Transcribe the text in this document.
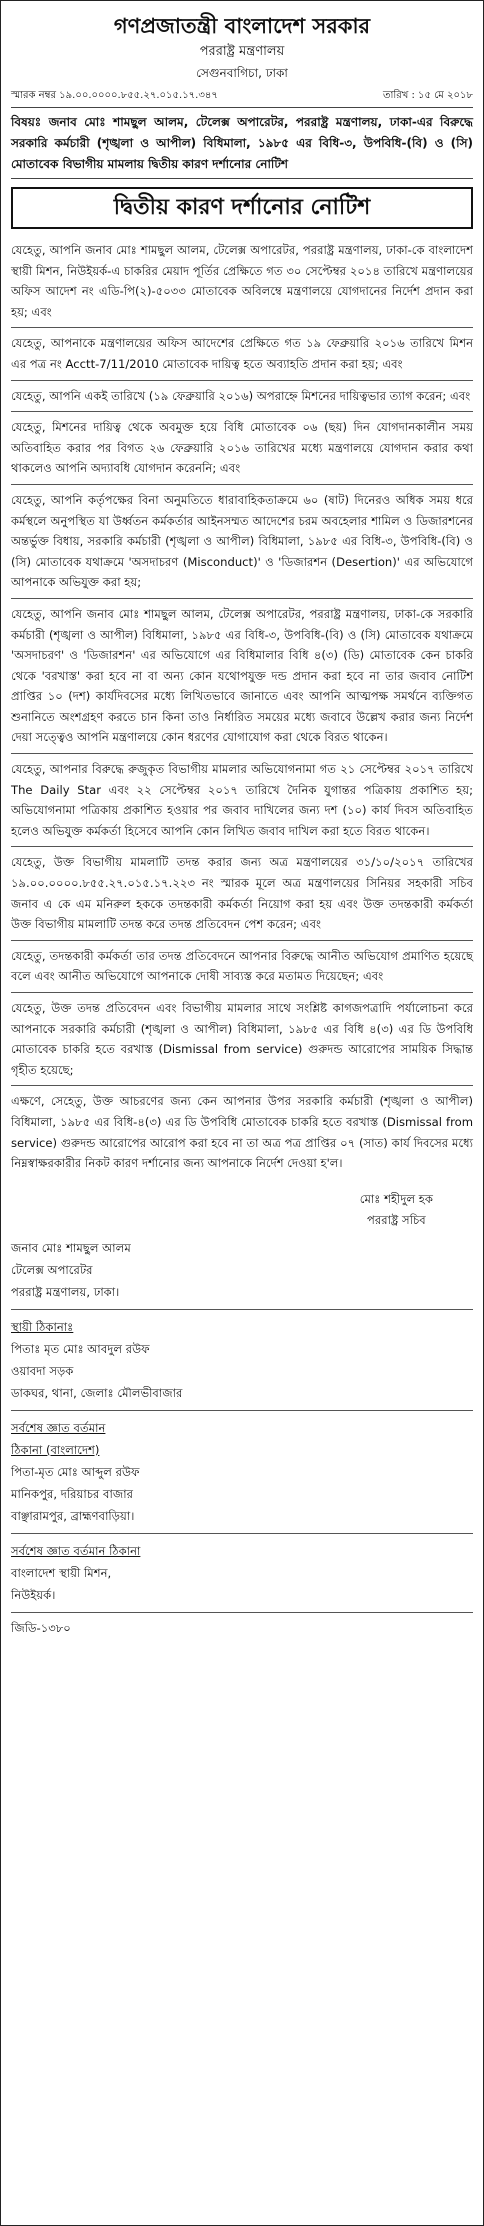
গণপ্রজাতন্ত্রী বাংলাদেশ সরকার
পররাষ্ট্র মন্ত্রণালয়
সেগুনবাগিচা, ঢাকা
স্মারক নম্বর ১৯.০০.০০০০.৮৫৫.২৭.০১৫.১৭.৩৪৭	তারিখ : ১৫ মে ২০১৮
বিষয়ঃ জনাব মোঃ শামছুল আলম, টেলেক্স অপারেটর, পররাষ্ট্র মন্ত্রণালয়, ঢাকা-এর বিরুদ্ধে সরকারি কর্মচারী (শৃঙ্খলা ও আপীল) বিধিমালা, ১৯৮৫ এর বিধি-৩, উপবিধি-(বি) ও (সি) মোতাবেক বিভাগীয় মামলায় দ্বিতীয় কারণ দর্শানোর নোটিশ
দ্বিতীয় কারণ দর্শানোর নোটিশ
যেহেতু, আপনি জনাব মোঃ শামছুল আলম, টেলেক্স অপারেটর, পররাষ্ট্র মন্ত্রণালয়, ঢাকা-কে বাংলাদেশ স্থায়ী মিশন, নিউইয়র্ক-এ চাকরির মেয়াদ পূর্তির প্রেক্ষিতে গত ৩০ সেপ্টেম্বর ২০১৪ তারিখে মন্ত্রণালয়ের অফিস আদেশ নং এডি-পি(২)-৫০৩৩ মোতাবেক অবিলম্বে মন্ত্রণালয়ে যোগদানের নির্দেশ প্রদান করা হয়; এবং
যেহেতু, আপনাকে মন্ত্রণালয়ের অফিস আদেশের প্রেক্ষিতে গত ১৯ ফেব্রুয়ারি ২০১৬ তারিখে মিশন এর পত্র নং Acctt-7/11/2010 মোতাবেক দায়িত্ব হতে অব্যাহতি প্রদান করা হয়; এবং
যেহেতু, আপনি একই তারিখে (১৯ ফেব্রুয়ারি ২০১৬) অপরাহ্নে মিশনের দায়িত্বভার ত্যাগ করেন; এবং
যেহেতু, মিশনের দায়িত্ব থেকে অবমুক্ত হয়ে বিধি মোতাবেক ০৬ (ছয়) দিন যোগদানকালীন সময় অতিবাহিত করার পর বিগত ২৬ ফেব্রুয়ারি ২০১৬ তারিখের মধ্যে মন্ত্রণালয়ে যোগদান করার কথা থাকলেও আপনি অদ্যাবধি যোগদান করেননি; এবং
যেহেতু, আপনি কর্তৃপক্ষের বিনা অনুমতিতে ধারাবাহিকতাক্রমে ৬০ (ষাট) দিনেরও অধিক সময় ধরে কর্মস্থলে অনুপস্থিত যা উর্ধ্বতন কর্মকর্তার আইনসম্মত আদেশের চরম অবহেলার শামিল ও ডিজারশনের অন্তর্ভুক্ত বিধায়, সরকারি কর্মচারী (শৃঙ্খলা ও আপীল) বিধিমালা, ১৯৮৫ এর বিধি-৩, উপবিধি-(বি) ও (সি) মোতাবেক যথাক্রমে 'অসদাচরণ (Misconduct)' ও 'ডিজারশন (Desertion)' এর অভিযোগে আপনাকে অভিযুক্ত করা হয়;
যেহেতু, আপনি জনাব মোঃ শামছুল আলম, টেলেক্স অপারেটর, পররাষ্ট্র মন্ত্রণালয়, ঢাকা-কে সরকারি কর্মচারী (শৃঙ্খলা ও আপীল) বিধিমালা, ১৯৮৫ এর বিধি-৩, উপবিধি-(বি) ও (সি) মোতাবেক যথাক্রমে 'অসদাচরণ' ও 'ডিজারশন' এর অভিযোগে এর বিধিমালার বিধি ৪(৩) (ডি) মোতাবেক কেন চাকরি থেকে 'বরখাস্ত' করা হবে না বা অন্য কোন যথোপযুক্ত দন্ড প্রদান করা হবে না তার জবাব নোটিশ প্রাপ্তির ১০ (দশ) কার্যদিবসের মধ্যে লিখিতভাবে জানাতে এবং আপনি আত্মপক্ষ সমর্থনে ব্যক্তিগত শুনানিতে অংশগ্রহণ করতে চান কিনা তাও নির্ধারিত সময়ের মধ্যে জবাবে উল্লেখ করার জন্য নির্দেশ দেয়া সত্ত্বেও আপনি মন্ত্রণালয়ে কোন ধরণের যোগাযোগ করা থেকে বিরত থাকেন।
যেহেতু, আপনার বিরুদ্ধে রুজুকৃত বিভাগীয় মামলার অভিযোগনামা গত ২১ সেপ্টেম্বর ২০১৭ তারিখে The Daily Star এবং ২২ সেপ্টেম্বর ২০১৭ তারিখে দৈনিক যুগান্তর পত্রিকায় প্রকাশিত হয়; অভিযোগনামা পত্রিকায় প্রকাশিত হওয়ার পর জবাব দাখিলের জন্য দশ (১০) কার্য দিবস অতিবাহিত হলেও অভিযুক্ত কর্মকর্তা হিসেবে আপনি কোন লিখিত জবাব দাখিল করা হতে বিরত থাকেন।
যেহেতু, উক্ত বিভাগীয় মামলাটি তদন্ত করার জন্য অত্র মন্ত্রণালয়ের ৩১/১০/২০১৭ তারিখের ১৯.০০.০০০০.৮৫৫.২৭.০১৫.১৭.২২৩ নং স্মারক মূলে অত্র মন্ত্রণালয়ের সিনিয়র সহকারী সচিব জনাব এ কে এম মনিরুল হককে তদন্তকারী কর্মকর্তা নিয়োগ করা হয় এবং উক্ত তদন্তকারী কর্মকর্তা উক্ত বিভাগীয় মামলাটি তদন্ত করে তদন্ত প্রতিবেদন পেশ করেন; এবং
যেহেতু, তদন্তকারী কর্মকর্তা তার তদন্ত প্রতিবেদনে আপনার বিরুদ্ধে আনীত অভিযোগ প্রমাণিত হয়েছে বলে এবং আনীত অভিযোগে আপনাকে দোষী সাব্যস্ত করে মতামত দিয়েছেন; এবং
যেহেতু, উক্ত তদন্ত প্রতিবেদন এবং বিভাগীয় মামলার সাথে সংশ্লিষ্ট কাগজপত্রাদি পর্যালোচনা করে আপনাকে সরকারি কর্মচারী (শৃঙ্খলা ও আপীল) বিধিমালা, ১৯৮৫ এর বিধি ৪(৩) এর ডি উপবিধি মোতাবেক চাকরি হতে বরখাস্ত (Dismissal from service) গুরুদন্ড আরোপের সাময়িক সিদ্ধান্ত গৃহীত হয়েছে;
এক্ষণে, সেহেতু, উক্ত আচরণের জন্য কেন আপনার উপর সরকারি কর্মচারী (শৃঙ্খলা ও আপীল) বিধিমালা, ১৯৮৫ এর বিধি-৪(৩) এর ডি উপবিধি মোতাবেক চাকরি হতে বরখাস্ত (Dismissal from service) গুরুদন্ড আরোপের আরোপ করা হবে না তা অত্র পত্র প্রাপ্তির ০৭ (সাত) কার্য দিবসের মধ্যে নিম্নস্বাক্ষরকারীর নিকট কারণ দর্শানোর জন্য আপনাকে নির্দেশ দেওয়া হ'ল।
মোঃ শহীদুল হক
পররাষ্ট্র সচিব
জনাব মোঃ শামছুল আলম
টেলেক্স অপারেটর
পররাষ্ট্র মন্ত্রণালয়, ঢাকা।
স্থায়ী ঠিকানাঃ
পিতাঃ মৃত মোঃ আবদুল রউফ
ওয়াবদা সড়ক
ডাকঘর, থানা, জেলাঃ মৌলভীবাজার
সর্বশেষ জ্ঞাত বর্তমান
ঠিকানা (বাংলাদেশ)
পিতা-মৃত মোঃ আব্দুল রউফ
মানিকপুর, দরিয়াচর বাজার
বাঞ্ছারামপুর, ব্রাহ্মণবাড়িয়া।
সর্বশেষ জ্ঞাত বর্তমান ঠিকানা
বাংলাদেশ স্থায়ী মিশন,
নিউইয়র্ক।
জিডি-১৩৮০
